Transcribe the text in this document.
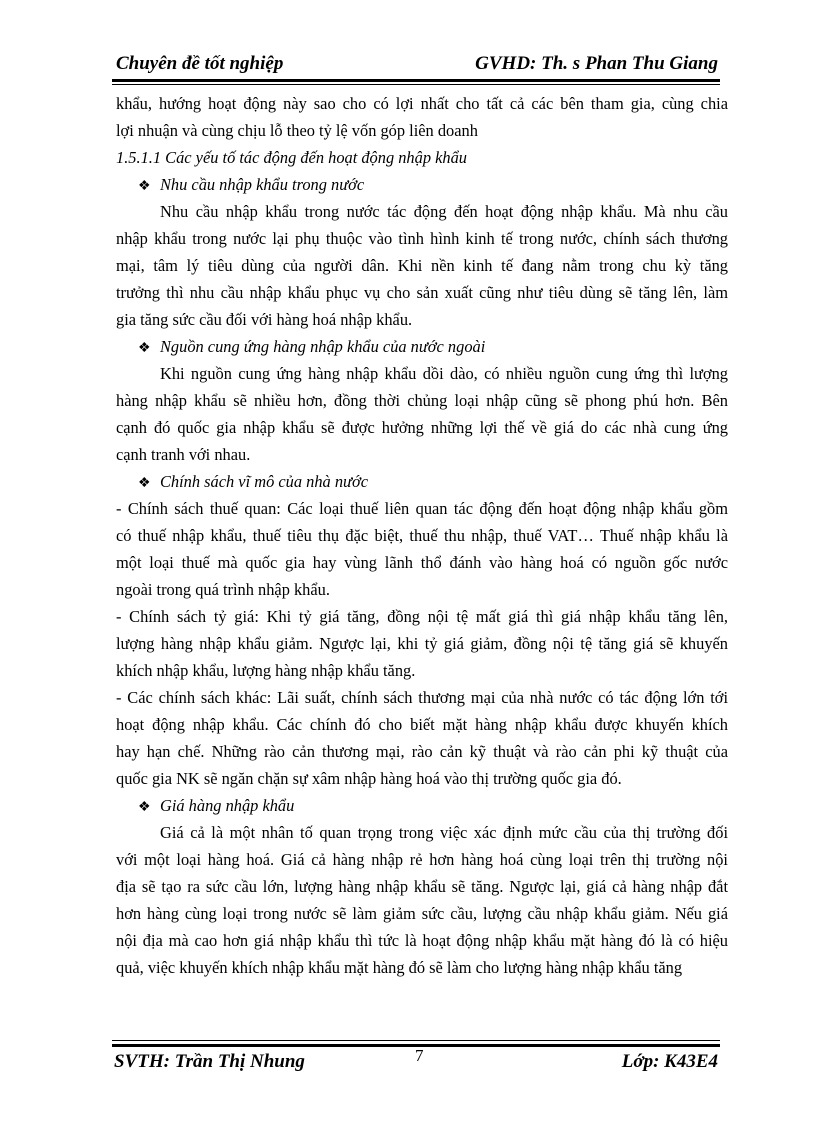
Chuyên đề tốt nghiệp	GVHD: Th. s Phan Thu Giang
khẩu, hướng hoạt động này sao cho có lợi nhất cho tất cả các bên tham gia, cùng chia
lợi nhuận và cùng chịu lỗ theo tỷ lệ vốn góp liên doanh
1.5.1.1 Các yếu tố tác động đến hoạt động nhập khẩu
❖ Nhu cầu nhập khẩu trong nước
Nhu cầu nhập khẩu trong nước tác động đến hoạt động nhập khẩu. Mà nhu cầu
nhập khẩu trong nước lại phụ thuộc vào tình hình kinh tế trong nước, chính sách thương
mại, tâm lý tiêu dùng của người dân. Khi nền kinh tế đang nằm trong chu kỳ tăng
trưởng thì nhu cầu nhập khẩu phục vụ cho sản xuất cũng như tiêu dùng sẽ tăng lên, làm
gia tăng sức cầu đối với hàng hoá nhập khẩu.
❖ Nguồn cung ứng hàng nhập khẩu của nước ngoài
Khi nguồn cung ứng hàng nhập khẩu dồi dào, có nhiều nguồn cung ứng thì lượng
hàng nhập khẩu sẽ nhiều hơn, đồng thời chủng loại nhập cũng sẽ phong phú hơn. Bên
cạnh đó quốc gia nhập khẩu sẽ được hưởng những lợi thế về giá do các nhà cung ứng
cạnh tranh với nhau.
❖ Chính sách vĩ mô của nhà nước
- Chính sách thuế quan: Các loại thuế liên quan tác động đến hoạt động nhập khẩu gồm
có thuế nhập khẩu, thuế tiêu thụ đặc biệt, thuế thu nhập, thuế VAT… Thuế nhập khẩu là
một loại thuế mà quốc gia hay vùng lãnh thổ đánh vào hàng hoá có nguồn gốc nước
ngoài trong quá trình nhập khẩu.
- Chính sách tỷ giá: Khi tỷ giá tăng, đồng nội tệ mất giá thì giá nhập khẩu tăng lên,
lượng hàng nhập khẩu giảm. Ngược lại, khi tỷ giá giảm, đồng nội tệ tăng giá sẽ khuyến
khích nhập khẩu, lượng hàng nhập khẩu tăng.
- Các chính sách khác: Lãi suất, chính sách thương mại của nhà nước có tác động lớn tới
hoạt động nhập khẩu. Các chính đó cho biết mặt hàng nhập khẩu được khuyến khích
hay hạn chế. Những rào cản thương mại, rào cản kỹ thuật và rào cản phi kỹ thuật của
quốc gia NK sẽ ngăn chặn sự xâm nhập hàng hoá vào thị trường quốc gia đó.
❖ Giá hàng nhập khẩu
Giá cả là một nhân tố quan trọng trong việc xác định mức cầu của thị trường đối
với một loại hàng hoá. Giá cả hàng nhập rẻ hơn hàng hoá cùng loại trên thị trường nội
địa sẽ tạo ra sức cầu lớn, lượng hàng nhập khẩu sẽ tăng. Ngược lại, giá cả hàng nhập đắt
hơn hàng cùng loại trong nước sẽ làm giảm sức cầu, lượng cầu nhập khẩu giảm. Nếu giá
nội địa mà cao hơn giá nhập khẩu thì tức là hoạt động nhập khẩu mặt hàng đó là có hiệu
quả, việc khuyến khích nhập khẩu mặt hàng đó sẽ làm cho lượng hàng nhập khẩu tăng
SVTH: Trần Thị Nhung	7	Lớp: K43E4
